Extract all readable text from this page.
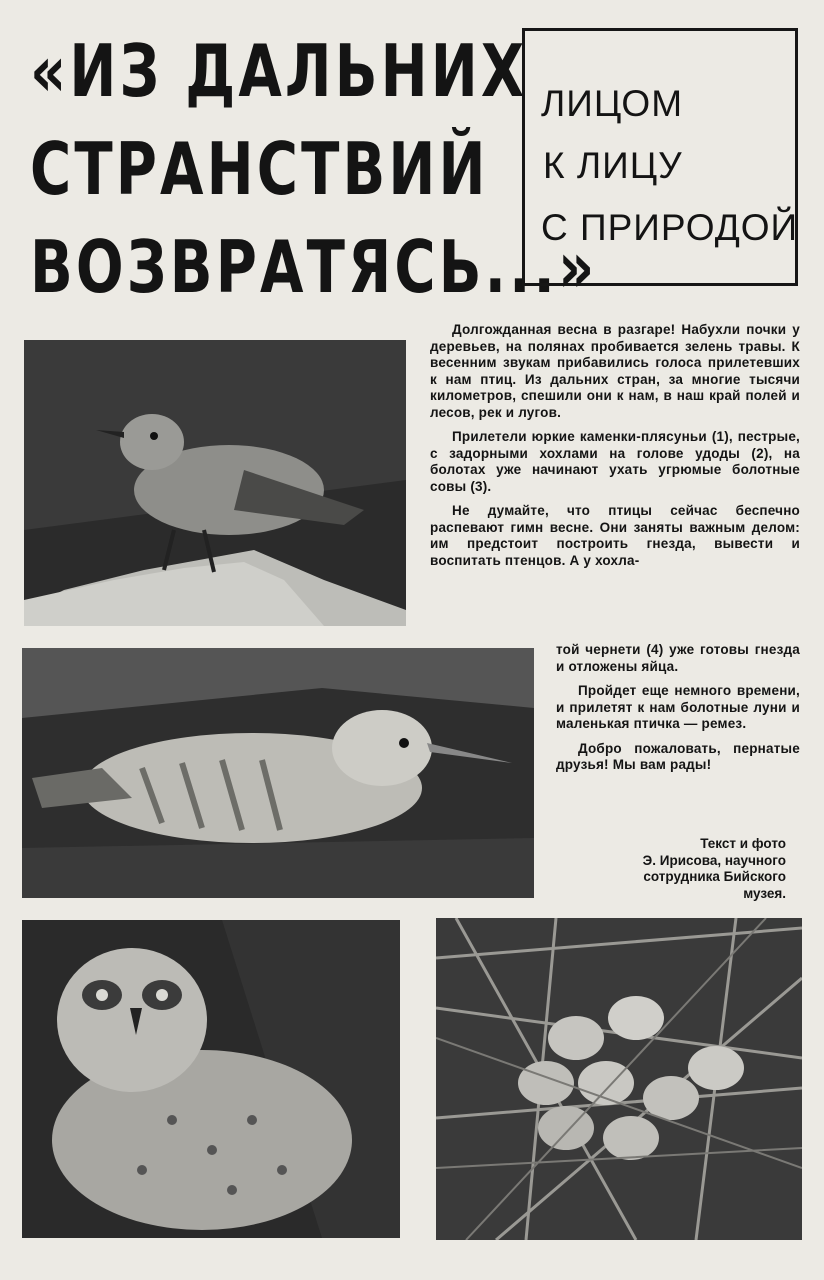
«ИЗ ДАЛЬНИХ
СТРАНСТВИЙ
ВОЗВРАТЯСЬ...»
ЛИЦОМ
К ЛИЦУ
С ПРИРОДОЙ

Долгожданная весна в разгаре! Набухли почки у деревьев, на полянах пробивается зелень травы. К весенним звукам прибавились голоса прилетевших к нам птиц. Из дальних стран, за многие тысячи километров, спешили они к нам, в наш край полей и лесов, рек и лугов.

Прилетели юркие каменки-плясуньи (1), пестрые, с задорными хохлами на голове удоды (2), на болотах уже начинают ухать угрюмые болотные совы (3).

Не думайте, что птицы сейчас беспечно распевают гимн весне. Они заняты важным делом: им предстоит построить гнезда, вывести и воспитать птенцов. А у хохла-

той чернети (4) уже готовы гнезда и отложены яйца.

Пройдет еще немного времени, и прилетят к нам болотные луни и маленькая птичка — ремез.

Добро пожаловать, пернатые друзья! Мы вам рады!

Текст и фото
Э. Ирисова, научного
сотрудника Бийского
музея.
